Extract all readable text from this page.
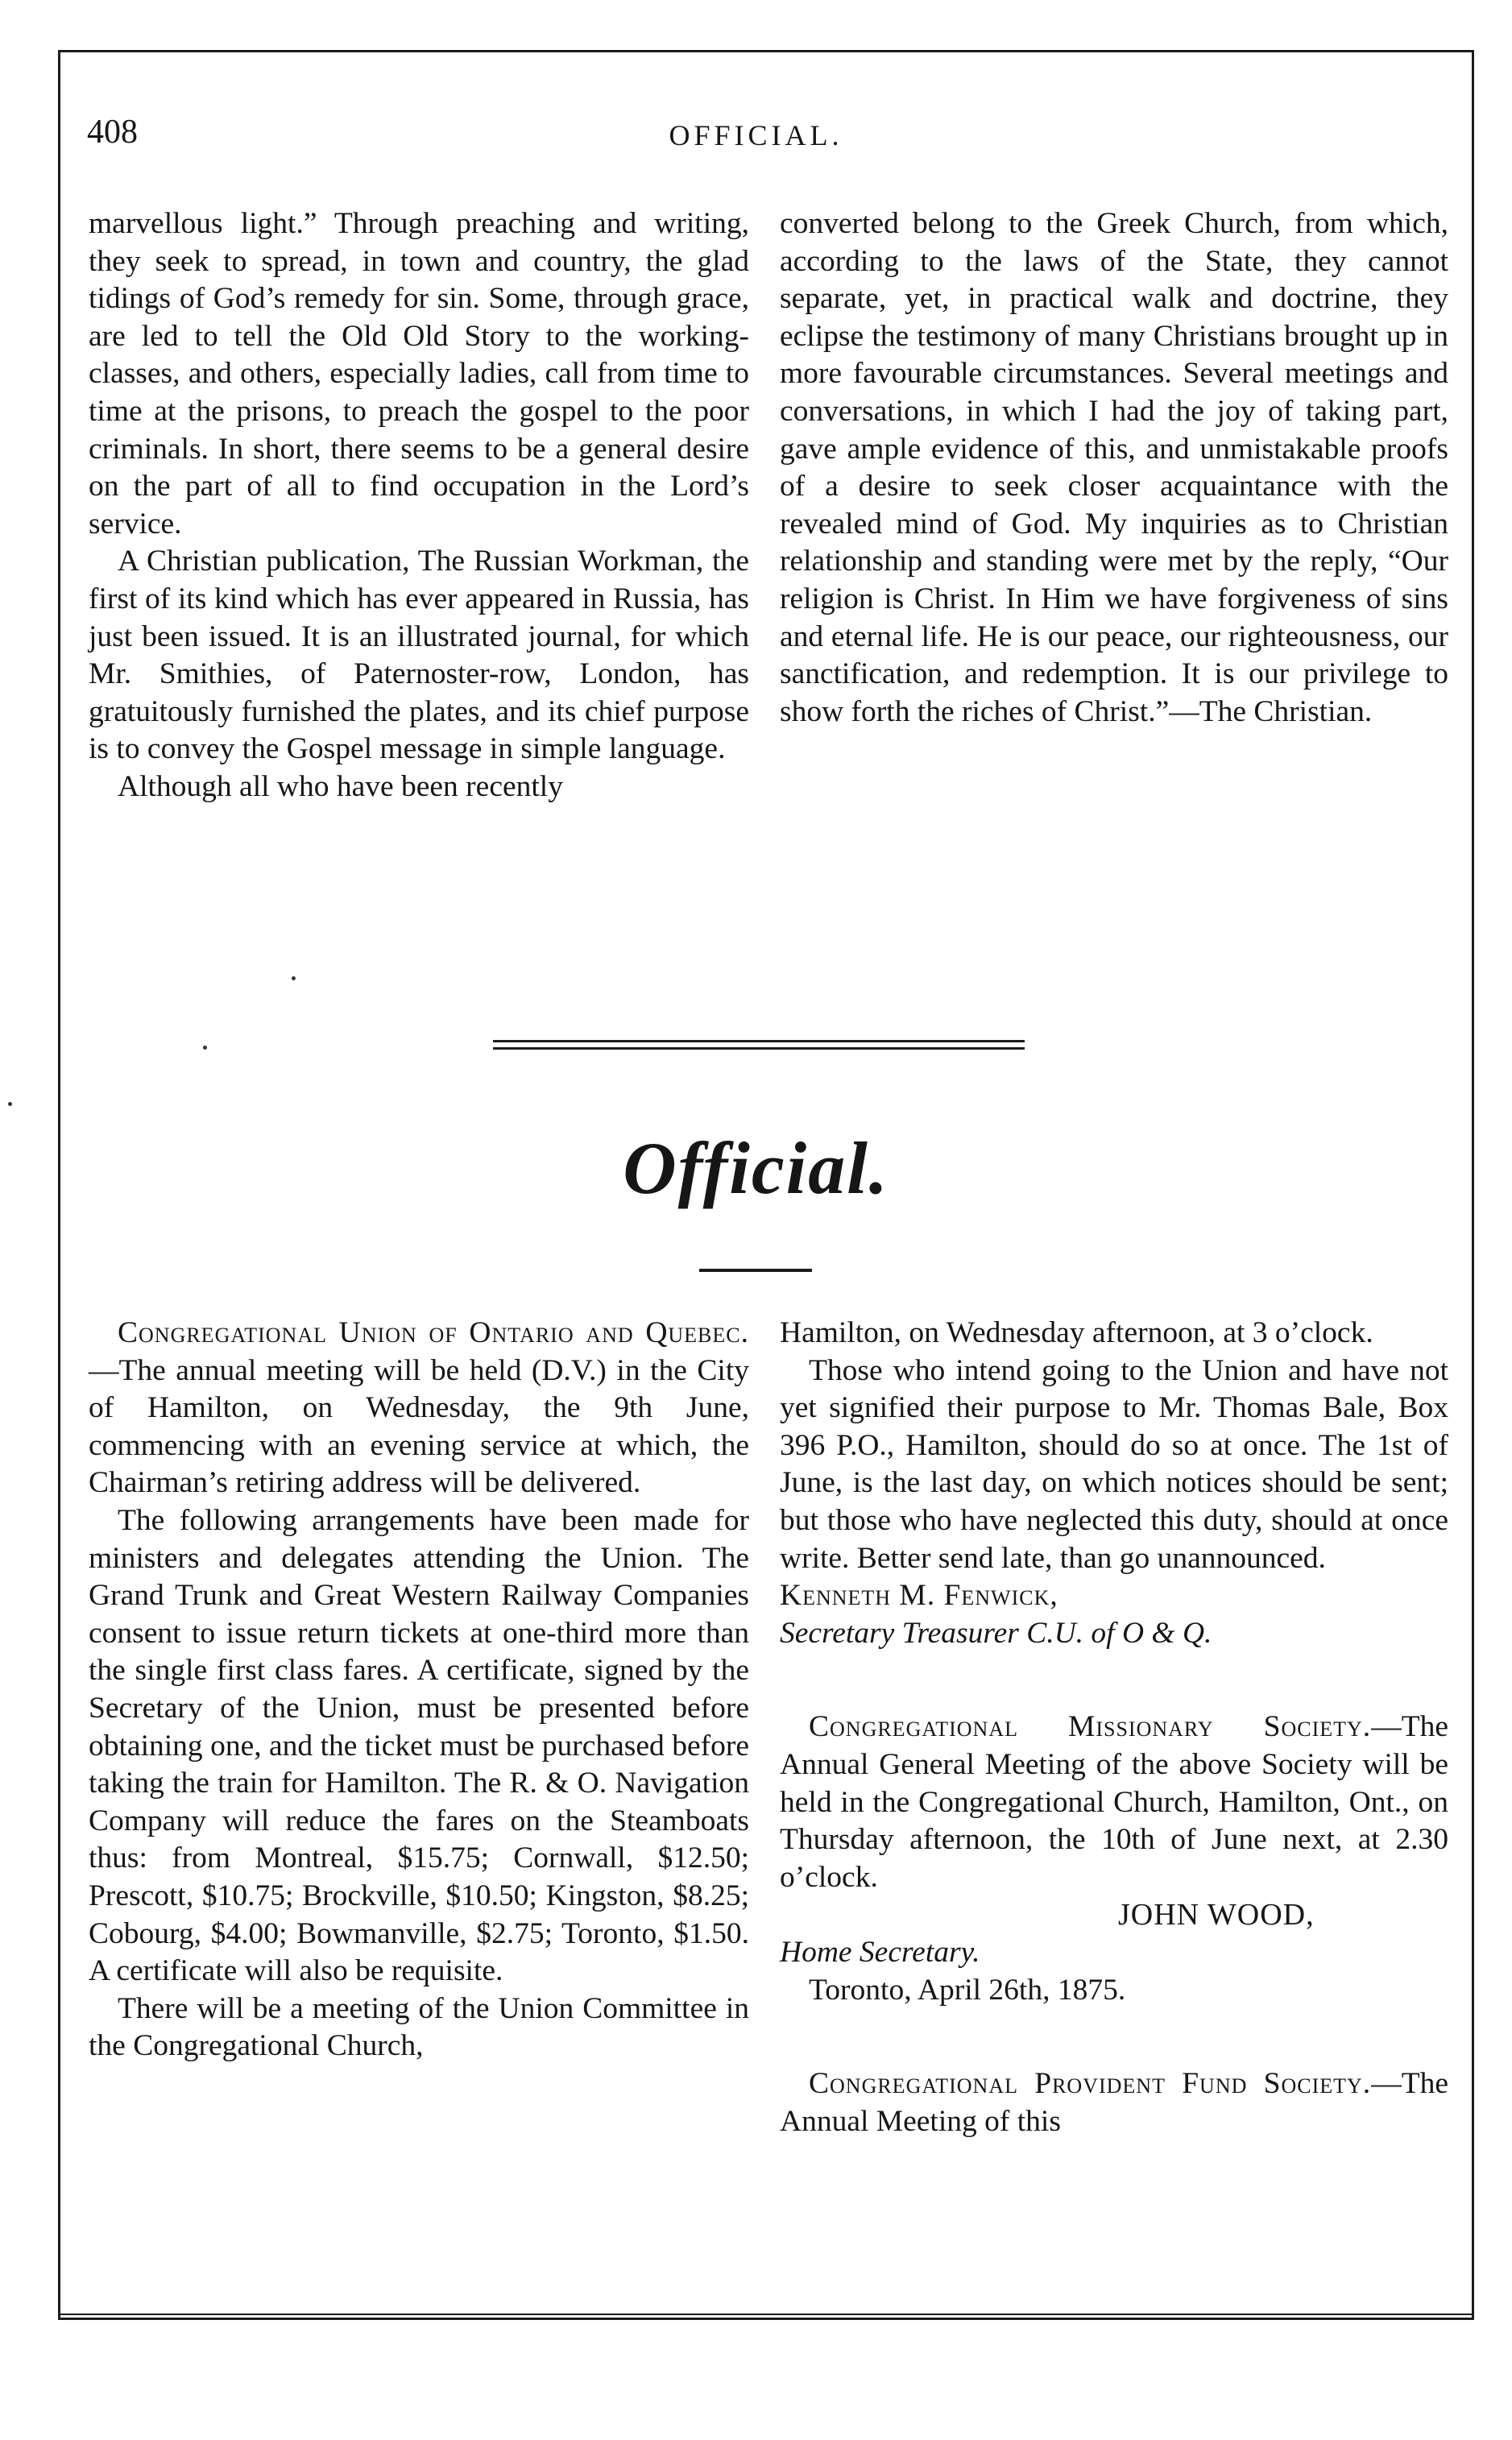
408	OFFICIAL.

marvellous light.” Through preaching and writing, they seek to spread, in town and country, the glad tidings of God’s remedy for sin. Some, through grace, are led to tell the Old Old Story to the working-classes, and others, especially ladies, call from time to time at the prisons, to preach the gospel to the poor criminals. In short, there seems to be a general desire on the part of all to find occupation in the Lord’s service.

A Christian publication, The Russian Workman, the first of its kind which has ever appeared in Russia, has just been issued. It is an illustrated journal, for which Mr. Smithies, of Paternoster-row, London, has gratuitously furnished the plates, and its chief purpose is to convey the Gospel message in simple language.

Although all who have been recently

converted belong to the Greek Church, from which, according to the laws of the State, they cannot separate, yet, in practical walk and doctrine, they eclipse the testimony of many Christians brought up in more favourable circumstances. Several meetings and conversations, in which I had the joy of taking part, gave ample evidence of this, and unmistakable proofs of a desire to seek closer acquaintance with the revealed mind of God. My inquiries as to Christian relationship and standing were met by the reply, “Our religion is Christ. In Him we have forgiveness of sins and eternal life. He is our peace, our righteousness, our sanctification, and redemption. It is our privilege to show forth the riches of Christ.”—The Christian.

Official.

Congregational Union of Ontario and Quebec.—The annual meeting will be held (D.V.) in the City of Hamilton, on Wednesday, the 9th June, commencing with an evening service at which, the Chairman’s retiring address will be delivered.

The following arrangements have been made for ministers and delegates attending the Union. The Grand Trunk and Great Western Railway Companies consent to issue return tickets at one-third more than the single first class fares. A certificate, signed by the Secretary of the Union, must be presented before obtaining one, and the ticket must be purchased before taking the train for Hamilton. The R. & O. Navigation Company will reduce the fares on the Steamboats thus: from Montreal, $15.75; Cornwall, $12.50; Prescott, $10.75; Brockville, $10.50; Kingston, $8.25; Cobourg, $4.00; Bowmanville, $2.75; Toronto, $1.50. A certificate will also be requisite.

There will be a meeting of the Union Committee in the Congregational Church,

Hamilton, on Wednesday afternoon, at 3 o’clock.

Those who intend going to the Union and have not yet signified their purpose to Mr. Thomas Bale, Box 396 P.O., Hamilton, should do so at once. The 1st of June, is the last day, on which notices should be sent; but those who have neglected this duty, should at once write. Better send late, than go unannounced.

Kenneth M. Fenwick,

Secretary Treasurer C.U. of O & Q.

Congregational Missionary Society.—The Annual General Meeting of the above Society will be held in the Congregational Church, Hamilton, Ont., on Thursday afternoon, the 10th of June next, at 2.30 o’clock.

JOHN WOOD,

Home Secretary.

Toronto, April 26th, 1875.

Congregational Provident Fund Society.—The Annual Meeting of this
